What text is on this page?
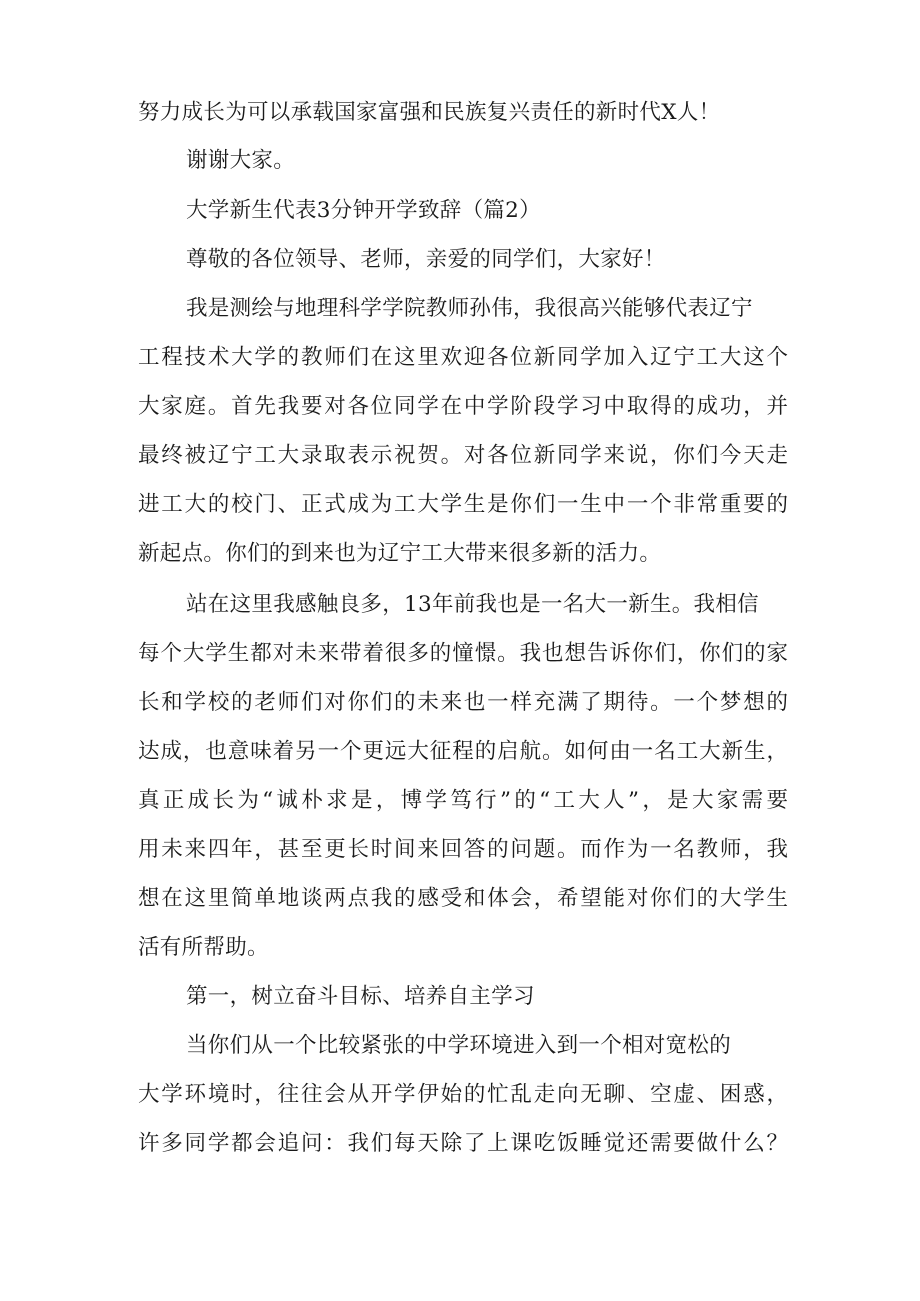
努力成长为可以承载国家富强和民族复兴责任的新时代X人！
谢谢大家。
大学新生代表3分钟开学致辞（篇2）
尊敬的各位领导、老师，亲爱的同学们，大家好！
我是测绘与地理科学学院教师孙伟，我很高兴能够代表辽宁
工程技术大学的教师们在这里欢迎各位新同学加入辽宁工大这个
大家庭。首先我要对各位同学在中学阶段学习中取得的成功，并
最终被辽宁工大录取表示祝贺。对各位新同学来说，你们今天走
进工大的校门、正式成为工大学生是你们一生中一个非常重要的
新起点。你们的到来也为辽宁工大带来很多新的活力。
站在这里我感触良多，13年前我也是一名大一新生。我相信
每个大学生都对未来带着很多的憧憬。我也想告诉你们，你们的家
长和学校的老师们对你们的未来也一样充满了期待。一个梦想的
达成，也意味着另一个更远大征程的启航。如何由一名工大新生，
真正成长为“诚朴求是，博学笃行”的“工大人”，是大家需要
用未来四年，甚至更长时间来回答的问题。而作为一名教师，我
想在这里简单地谈两点我的感受和体会，希望能对你们的大学生
活有所帮助。
第一，树立奋斗目标、培养自主学习
当你们从一个比较紧张的中学环境进入到一个相对宽松的
大学环境时，往往会从开学伊始的忙乱走向无聊、空虚、困惑，
许多同学都会追问：我们每天除了上课吃饭睡觉还需要做什么？
